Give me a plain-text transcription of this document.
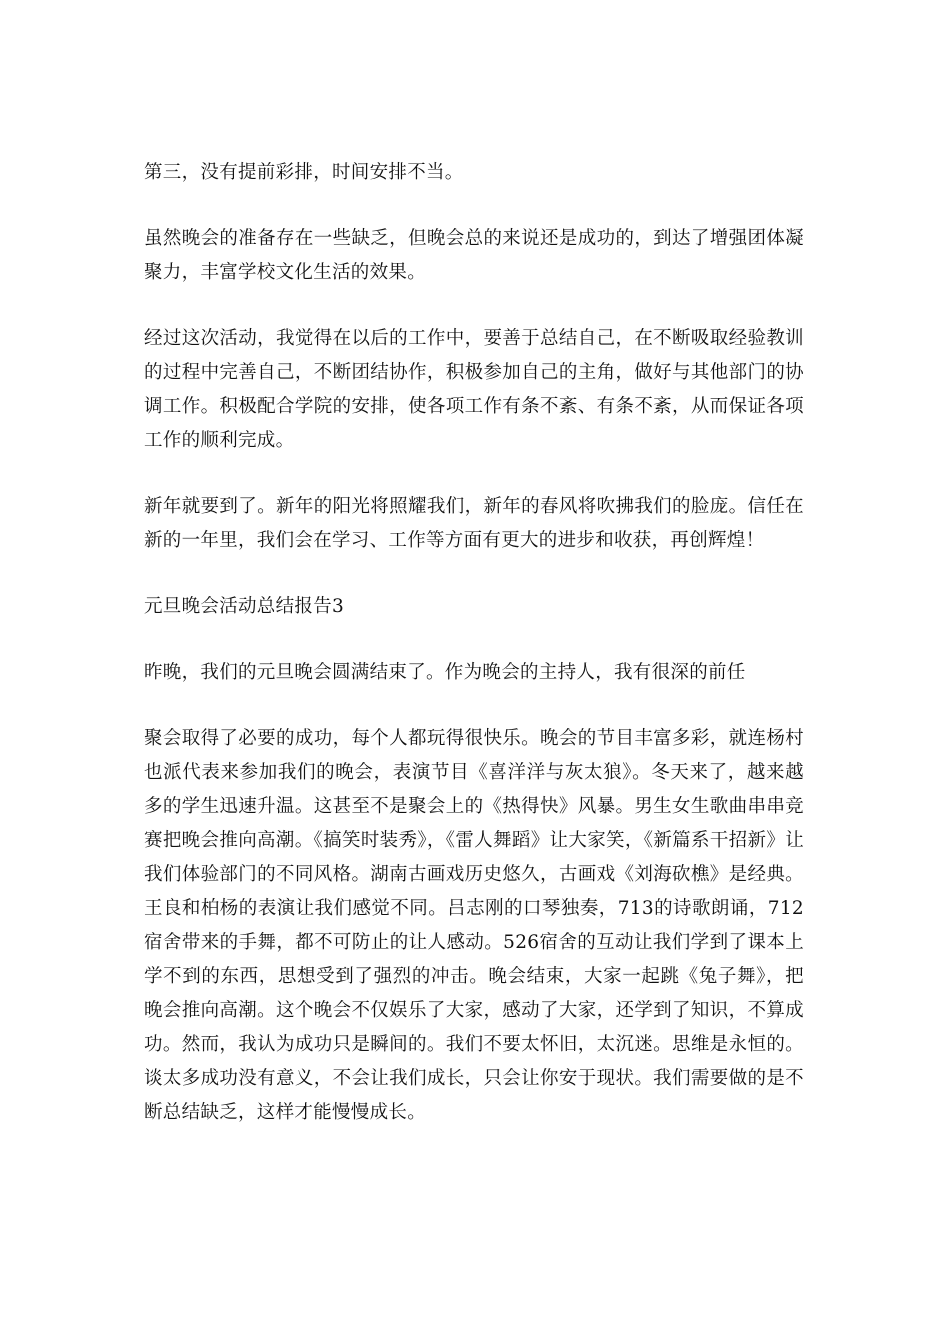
第三，没有提前彩排，时间安排不当。

虽然晚会的准备存在一些缺乏，但晚会总的来说还是成功的，到达了增强团体凝聚力，丰富学校文化生活的效果。

经过这次活动，我觉得在以后的工作中，要善于总结自己，在不断吸取经验教训的过程中完善自己，不断团结协作，积极参加自己的主角，做好与其他部门的协调工作。积极配合学院的安排，使各项工作有条不紊、有条不紊，从而保证各项工作的顺利完成。

新年就要到了。新年的阳光将照耀我们，新年的春风将吹拂我们的脸庞。信任在新的一年里，我们会在学习、工作等方面有更大的进步和收获，再创辉煌！

元旦晚会活动总结报告3

昨晚，我们的元旦晚会圆满结束了。作为晚会的主持人，我有很深的前任

聚会取得了必要的成功，每个人都玩得很快乐。晚会的节目丰富多彩，就连杨村也派代表来参加我们的晚会，表演节目《喜洋洋与灰太狼》。冬天来了，越来越多的学生迅速升温。这甚至不是聚会上的《热得快》风暴。男生女生歌曲串串竞赛把晚会推向高潮。《搞笑时装秀》，《雷人舞蹈》让大家笑，《新篇系干招新》让我们体验部门的不同风格。湖南古画戏历史悠久，古画戏《刘海砍樵》是经典。王良和柏杨的表演让我们感觉不同。吕志刚的口琴独奏，713的诗歌朗诵，712宿舍带来的手舞，都不可防止的让人感动。526宿舍的互动让我们学到了课本上学不到的东西，思想受到了强烈的冲击。晚会结束，大家一起跳《兔子舞》，把晚会推向高潮。这个晚会不仅娱乐了大家，感动了大家，还学到了知识，不算成功。然而，我认为成功只是瞬间的。我们不要太怀旧，太沉迷。思维是永恒的。谈太多成功没有意义，不会让我们成长，只会让你安于现状。我们需要做的是不断总结缺乏，这样才能慢慢成长。
